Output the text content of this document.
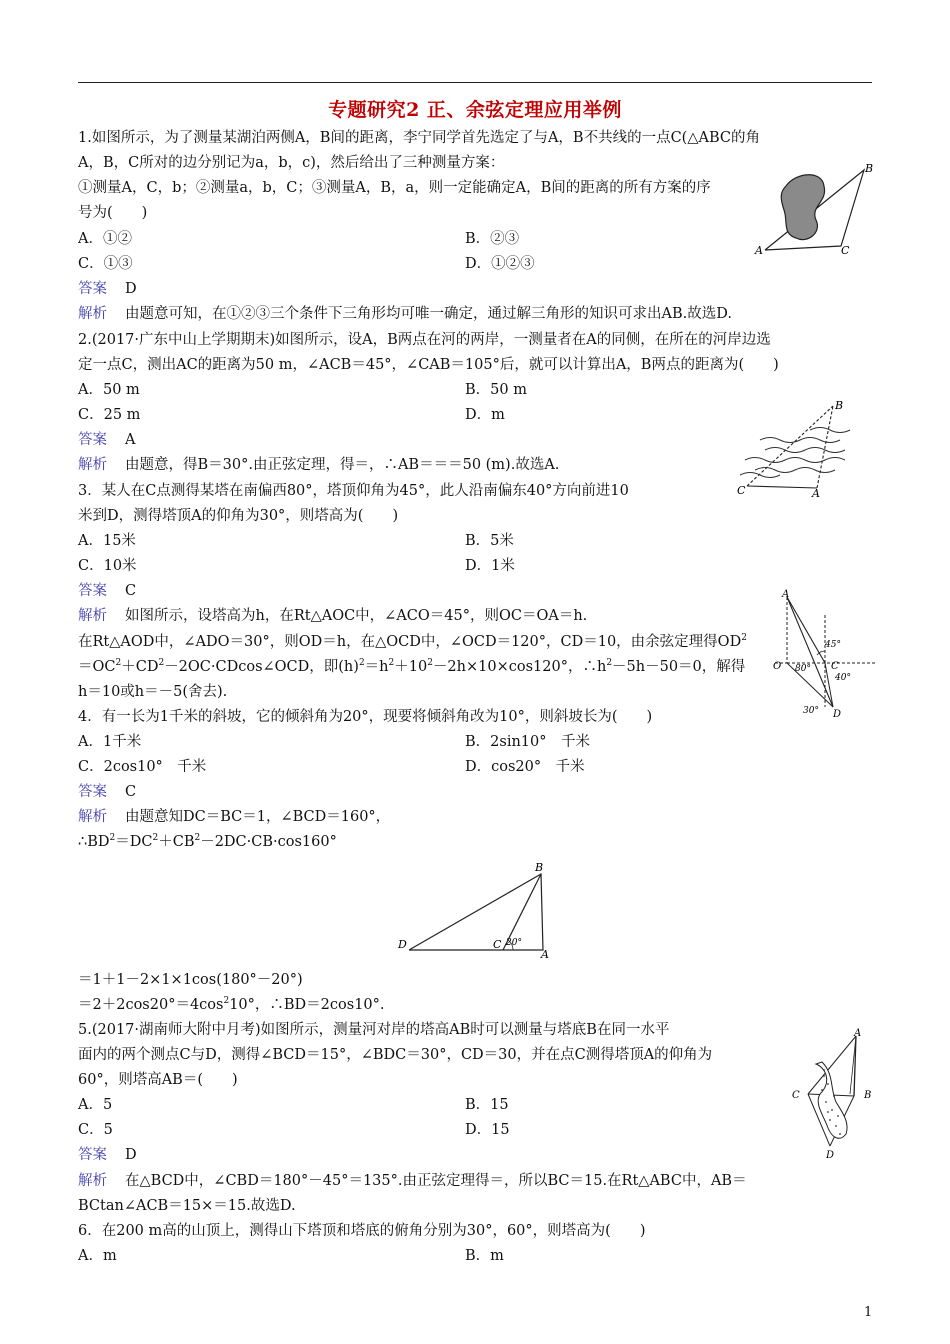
专题研究2 正、余弦定理应用举例
1.如图所示，为了测量某湖泊两侧A，B间的距离，李宁同学首先选定了与A，B不共线的一点C(△ABC的角
A，B，C所对的边分别记为a，b，c)，然后给出了三种测量方案：
①测量A，C，b；②测量a，b，C；③测量A，B，a，则一定能确定A，B间的距离的所有方案的序
号为(　　)
A．①②	B．②③
C．①③	D．①②③
答案 D
解析 由题意可知，在①②③三个条件下三角形均可唯一确定，通过解三角形的知识可求出AB.故选D.
B
A	C
2.(2017·广东中山上学期期末)如图所示，设A，B两点在河的两岸，一测量者在A的同侧，在所在的河岸边选
定一点C，测出AC的距离为50 m，∠ACB＝45°，∠CAB＝105°后，就可以计算出A，B两点的距离为(　　)
A．50 m	B．50 m
C．25 m	D．m
答案 A
解析 由题意，得B＝30°.由正弦定理，得＝，∴AB＝＝＝50 (m).故选A.
B
C	A
3．某人在C点测得某塔在南偏西80°，塔顶仰角为45°，此人沿南偏东40°方向前进10
米到D，测得塔顶A的仰角为30°，则塔高为(　　)
A．15米	B．5米
C．10米	D．1米
答案 C
解析 如图所示，设塔高为h，在Rt△AOC中，∠ACO＝45°，则OC＝OA＝h.
在Rt△AOD中，∠ADO＝30°，则OD＝h，在△OCD中，∠OCD＝120°，CD＝10，由余弦定理得$OD^2$
$=OC^2+CD^2-2OC\cdot CDcos\angle OCD$，即$(h)^2=h^2+10^2-2h\times 10\times\cos 120^\circ$，$\therefore h^2-5h-50=0$，解得
h＝10或h＝－5(舍去).
A
O	C
D
45°
80°
40°
30°
4．有一长为1千米的斜坡，它的倾斜角为20°，现要将倾斜角改为10°，则斜坡长为(　　)
A．1千米	B．2sin10°　千米
C．2cos10°　千米	D．cos20°　千米
答案 C
解析 由题意知DC＝BC＝1，∠BCD＝160°，
$\therefore BD^2=DC^2+CB^2-2DC\cdot CB\cdot\cos 160^\circ$
B
D	C
A
20°
＝1＋1－2×1×1cos(180°－20°)
$=2+2\cos 20^\circ=4\cos^210^\circ$，∴BD＝2cos10°.
5.(2017·湖南师大附中月考)如图所示，测量河对岸的塔高AB时可以测量与塔底B在同一水平
面内的两个测点C与D，测得∠BCD＝15°，∠BDC＝30°，CD＝30，并在点C测得塔顶A的仰角为
60°，则塔高AB＝(　　)
A．5	B．15
C．5	D．15
答案 D
解析 在△BCD中，∠CBD＝180°－45°＝135°.由正弦定理得＝，所以BC＝15.在Rt△ABC中，AB＝
BCtan∠ACB＝15×＝15.故选D.
A
C	B
D
6．在200 m高的山顶上，测得山下塔顶和塔底的俯角分别为30°，60°，则塔高为(　　)
A．m	B．m
1
